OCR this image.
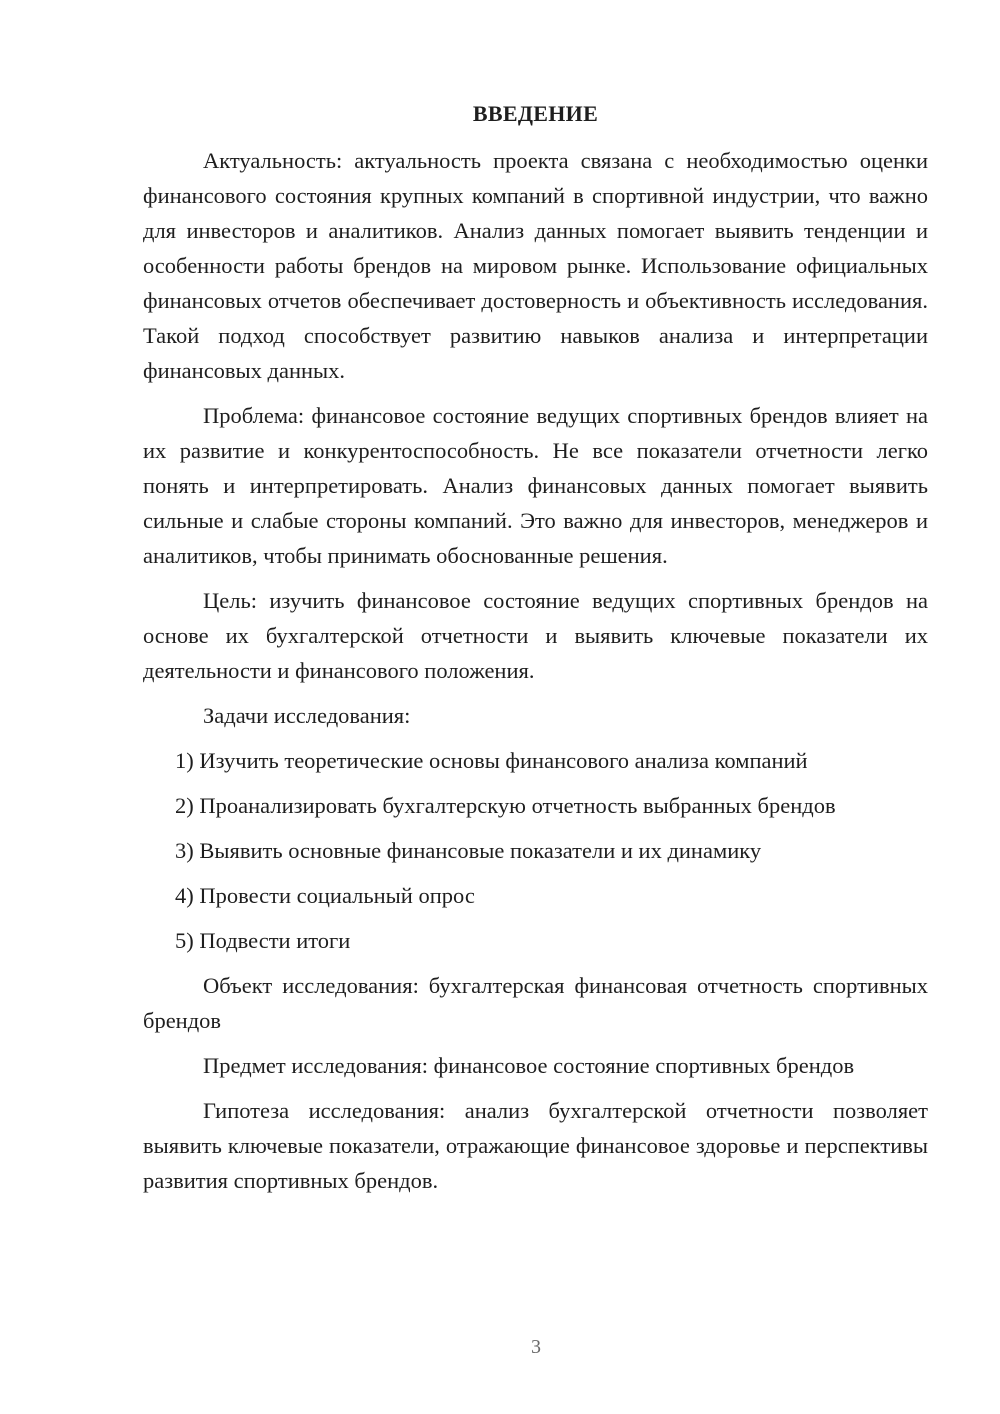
ВВЕДЕНИЕ

Актуальность: актуальность проекта связана с необходимостью оценки финансового состояния крупных компаний в спортивной индустрии, что важно для инвесторов и аналитиков. Анализ данных помогает выявить тенденции и особенности работы брендов на мировом рынке. Использование официальных финансовых отчетов обеспечивает достоверность и объективность исследования. Такой подход способствует развитию навыков анализа и интерпретации финансовых данных.

Проблема: финансовое состояние ведущих спортивных брендов влияет на их развитие и конкурентоспособность. Не все показатели отчетности легко понять и интерпретировать. Анализ финансовых данных помогает выявить сильные и слабые стороны компаний. Это важно для инвесторов, менеджеров и аналитиков, чтобы принимать обоснованные решения.

Цель: изучить финансовое состояние ведущих спортивных брендов на основе их бухгалтерской отчетности и выявить ключевые показатели их деятельности и финансового положения.

Задачи исследования:

1) Изучить теоретические основы финансового анализа компаний
2) Проанализировать бухгалтерскую отчетность выбранных брендов
3) Выявить основные финансовые показатели и их динамику
4) Провести социальный опрос
5) Подвести итоги

Объект исследования: бухгалтерская финансовая отчетность спортивных брендов

Предмет исследования: финансовое состояние спортивных брендов

Гипотеза исследования: анализ бухгалтерской отчетности позволяет выявить ключевые показатели, отражающие финансовое здоровье и перспективы развития спортивных брендов.

3
